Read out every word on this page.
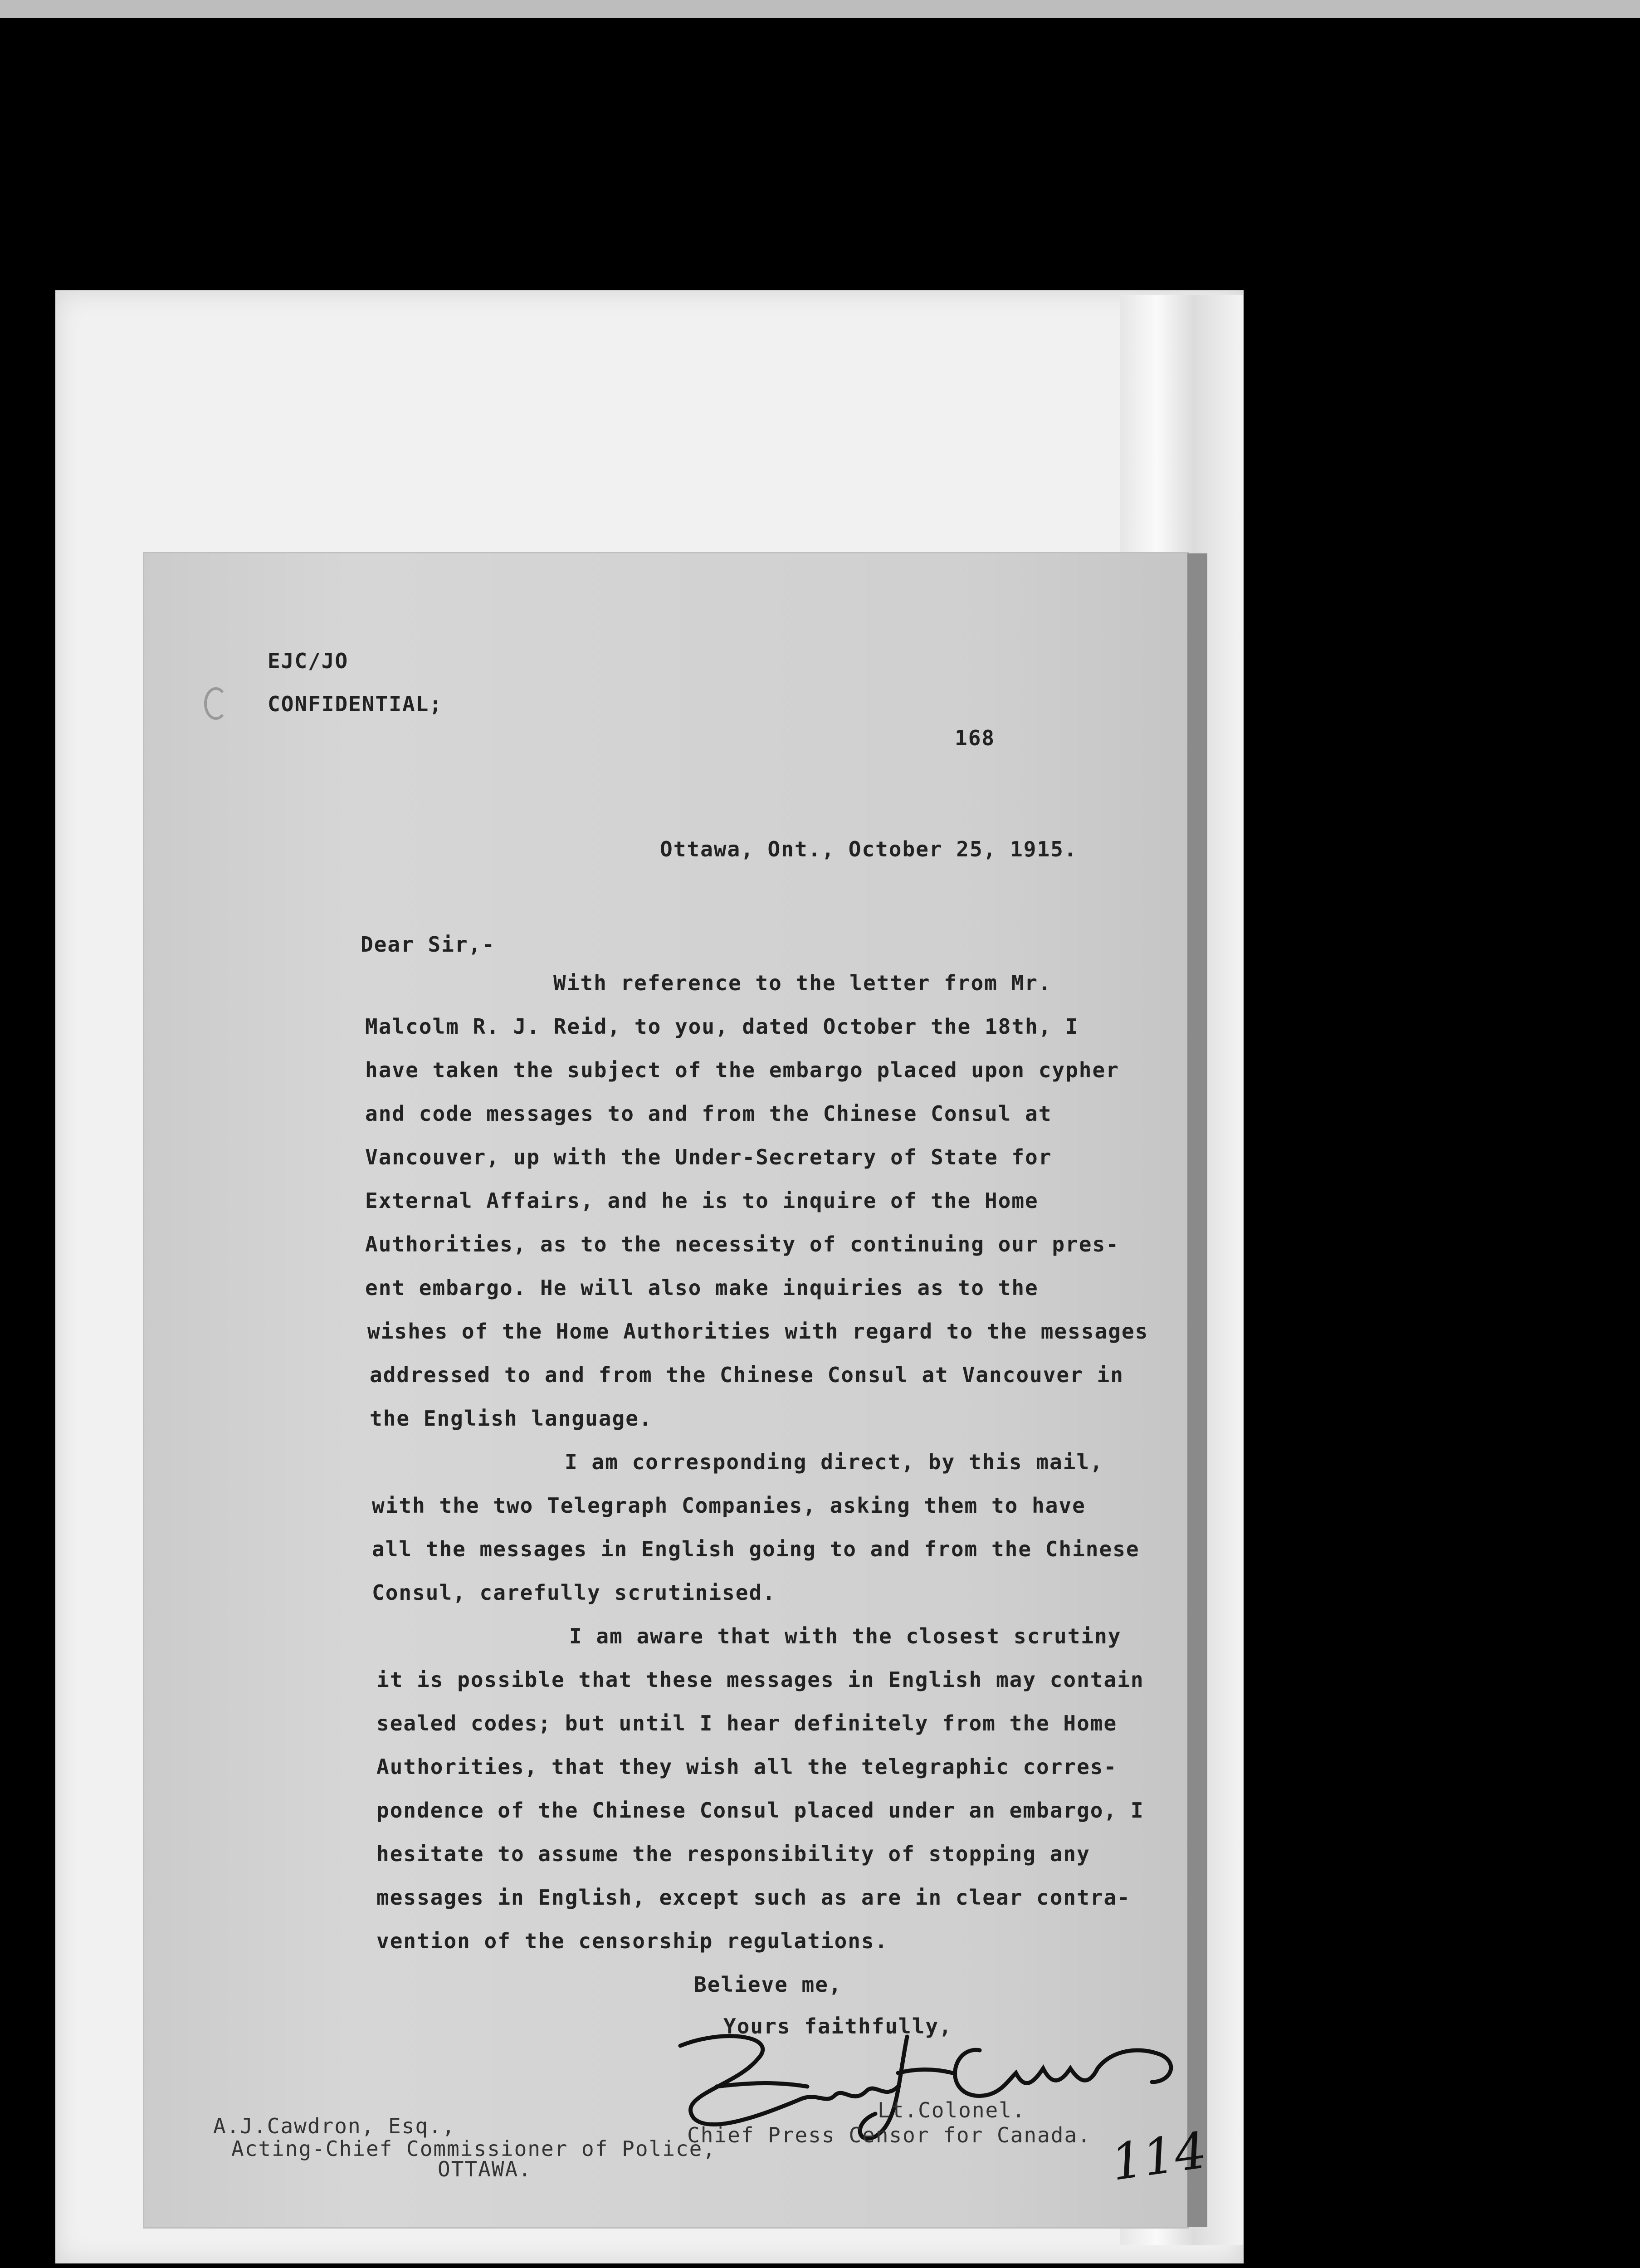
EJC/JO
CONFIDENTIAL;
168
Ottawa, Ont., October 25, 1915.
Dear Sir,-
With reference to the letter from Mr.
Malcolm R. J. Reid, to you, dated October the 18th, I
have taken the subject of the embargo placed upon cypher
and code messages to and from the Chinese Consul at
Vancouver, up with the Under-Secretary of State for
External Affairs, and he is to inquire of the Home
Authorities, as to the necessity of continuing our pres-
ent embargo. He will also make inquiries as to the
wishes of the Home Authorities with regard to the messages
addressed to and from the Chinese Consul at Vancouver in
the English language.
I am corresponding direct, by this mail,
with the two Telegraph Companies, asking them to have
all the messages in English going to and from the Chinese
Consul, carefully scrutinised.
I am aware that with the closest scrutiny
it is possible that these messages in English may contain
sealed codes; but until I hear definitely from the Home
Authorities, that they wish all the telegraphic corres-
pondence of the Chinese Consul placed under an embargo, I
hesitate to assume the responsibility of stopping any
messages in English, except such as are in clear contra-
vention of the censorship regulations.
Believe me,
Yours faithfully,
Lt.Colonel.
Chief Press Censor for Canada.
A.J.Cawdron, Esq.,
Acting-Chief Commissioner of Police,
OTTAWA.	114
